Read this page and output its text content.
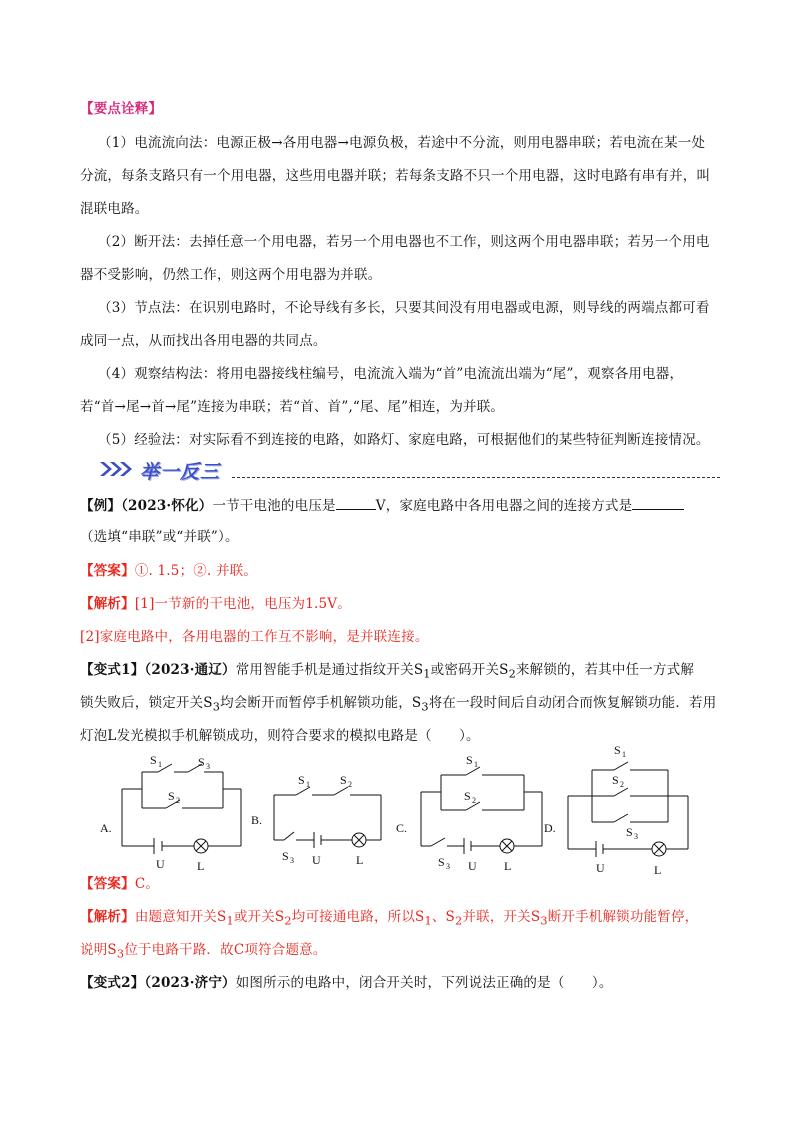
【要点诠释】
（1）电流流向法：电源正极→各用电器→电源负极，若途中不分流，则用电器串联；若电流在某一处
分流，每条支路只有一个用电器，这些用电器并联；若每条支路不只一个用电器，这时电路有串有并，叫
混联电路。
（2）断开法：去掉任意一个用电器，若另一个用电器也不工作，则这两个用电器串联；若另一个用电
器不受影响，仍然工作，则这两个用电器为并联。
（3）节点法：在识别电路时，不论导线有多长，只要其间没有用电器或电源，则导线的两端点都可看
成同一点，从而找出各用电器的共同点。
（4）观察结构法：将用电器接线柱编号，电流流入端为“首”电流流出端为“尾”，观察各用电器，
若“首→尾→首→尾”连接为串联；若“首、首”,“尾、尾”相连，为并联。
（5）经验法：对实际看不到连接的电路，如路灯、家庭电路，可根据他们的某些特征判断连接情况。
举一反三
【例】（2023·怀化）一节干电池的电压是	V，家庭电路中各用电器之间的连接方式是
（选填“串联”或“并联”）。
【答案】①. 1.5；②. 并联。
【解析】[1]一节新的干电池，电压为1.5V。
[2]家庭电路中，各用电器的工作互不影响，是并联连接。
【变式1】（2023·通辽）常用智能手机是通过指纹开关$S_1$或密码开关$S_2$来解锁的，若其中任一方式解
锁失败后，锁定开关$S_3$均会断开而暂停手机解锁功能，$S_3$将在一段时间后自动闭合而恢复解锁功能．若用
灯泡L发光模拟手机解锁成功，则符合要求的模拟电路是（　　）。
A.
B.
C.	D.
S 1	S 3
S 2
U	L
S 1	S 2
S 3 U	L
S 1
S 2
S 3 U L
S 1
S 2
S 3
U	L
【答案】C。
【解析】由题意知开关$S_1$或开关$S_2$均可接通电路，所以$S_1$、$S_2$并联，开关$S_3$断开手机解锁功能暂停，
说明$S_3$位于电路干路．故C项符合题意。
【变式2】（2023·济宁）如图所示的电路中，闭合开关时，下列说法正确的是（　　）。
